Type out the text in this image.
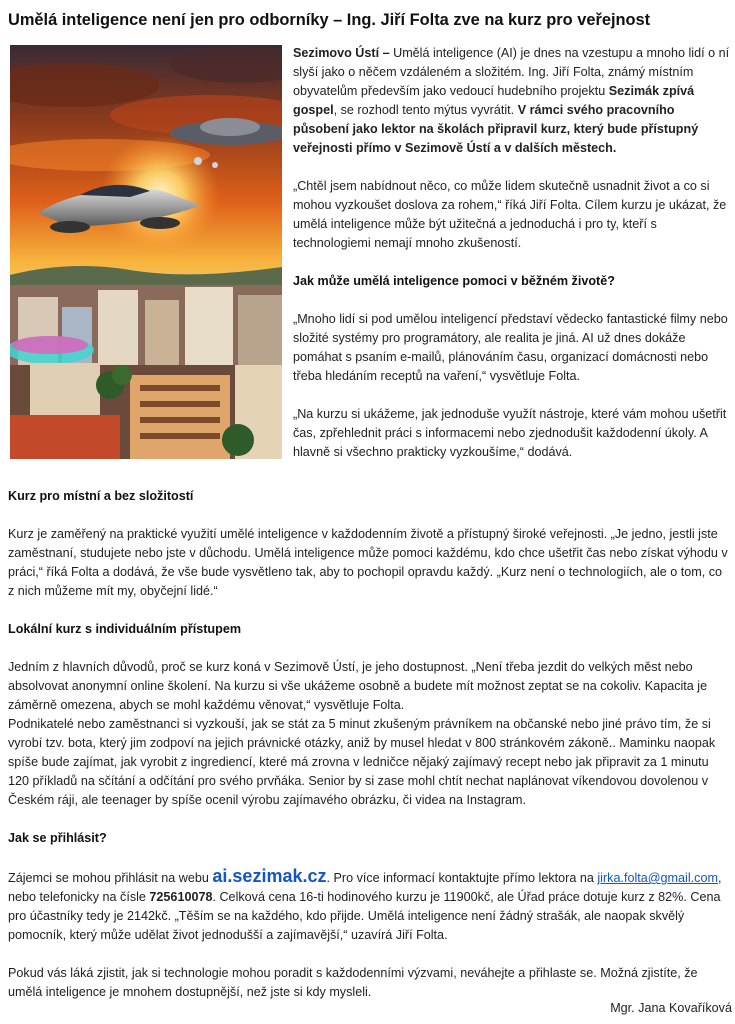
Umělá inteligence není jen pro odborníky – Ing. Jiří Folta zve na kurz pro veřejnost

Sezimovo Ústí – Umělá inteligence (AI) je dnes na vzestupu a mnoho lidí o ní slyší jako o něčem vzdáleném a složitém. Ing. Jiří Folta, známý místním obyvatelům především jako vedoucí hudebního projektu Sezimák zpívá gospel, se rozhodl tento mýtus vyvrátit. V rámci svého pracovního působení jako lektor na školách připravil kurz, který bude přístupný veřejnosti přímo v Sezimově Ústí a v dalších městech.

„Chtěl jsem nabídnout něco, co může lidem skutečně usnadnit život a co si mohou vyzkoušet doslova za rohem,“ říká Jiří Folta. Cílem kurzu je ukázat, že umělá inteligence může být užitečná a jednoduchá i pro ty, kteří s technologiemi nemají mnoho zkušeností.

Jak může umělá inteligence pomoci v běžném životě?

„Mnoho lidí si pod umělou inteligencí představí vědecko fantastické filmy nebo složité systémy pro programátory, ale realita je jiná. AI už dnes dokáže pomáhat s psaním e-mailů, plánováním času, organizací domácnosti nebo třeba hledáním receptů na vaření,“ vysvětluje Folta.

„Na kurzu si ukážeme, jak jednoduše využít nástroje, které vám mohou ušetřit čas, zpřehlednit práci s informacemi nebo zjednodušit každodenní úkoly. A hlavně si všechno prakticky vyzkoušíme,“ dodává.

Kurz pro místní a bez složitostí

Kurz je zaměřený na praktické využití umělé inteligence v každodenním životě a přístupný široké veřejnosti. „Je jedno, jestli jste zaměstnaní, studujete nebo jste v důchodu. Umělá inteligence může pomoci každému, kdo chce ušetřit čas nebo získat výhodu v práci,“ říká Folta a dodává, že vše bude vysvětleno tak, aby to pochopil opravdu každý. „Kurz není o technologiích, ale o tom, co z nich můžeme mít my, obyčejní lidé.“

Lokální kurz s individuálním přístupem

Jedním z hlavních důvodů, proč se kurz koná v Sezimově Ústí, je jeho dostupnost. „Není třeba jezdit do velkých měst nebo absolvovat anonymní online školení. Na kurzu si vše ukážeme osobně a budete mít možnost zeptat se na cokoliv. Kapacita je záměrně omezena, abych se mohl každému věnovat,“ vysvětluje Folta.
Podnikatelé nebo zaměstnanci si vyzkouší, jak se stát za 5 minut zkušeným právníkem na občanské nebo jiné právo tím, že si vyrobí tzv. bota, který jim zodpoví na jejich právnické otázky, aniž by musel hledat v 800 stránkovém zákoně.. Maminku naopak spíše bude zajímat, jak vyrobit z ingrediencí, které má zrovna v ledničce nějaký zajímavý recept nebo jak připravit za 1 minutu 120 příkladů na sčítání a odčítání pro svého prvňáka. Senior by si zase mohl chtít nechat naplánovat víkendovou dovolenou v Českém ráji, ale teenager by spíše ocenil výrobu zajímavého obrázku, či videa na Instagram.

Jak se přihlásit?

Zájemci se mohou přihlásit na webu ai.sezimak.cz. Pro více informací kontaktujte přímo lektora na jirka.folta@gmail.com, nebo telefonicky na čísle 725610078. Celková cena 16-ti hodinového kurzu je 11900kč, ale Úřad práce dotuje kurz z 82%. Cena pro účastníky tedy je 2142kč. „Těším se na každého, kdo přijde. Umělá inteligence není žádný strašák, ale naopak skvělý pomocník, který může udělat život jednodušší a zajímavější,“ uzavírá Jiří Folta.

Pokud vás láká zjistit, jak si technologie mohou poradit s každodenními výzvami, neváhejte a přihlaste se. Možná zjistíte, že umělá inteligence je mnohem dostupnější, než jste si kdy mysleli.

Mgr. Jana Kovaříková
